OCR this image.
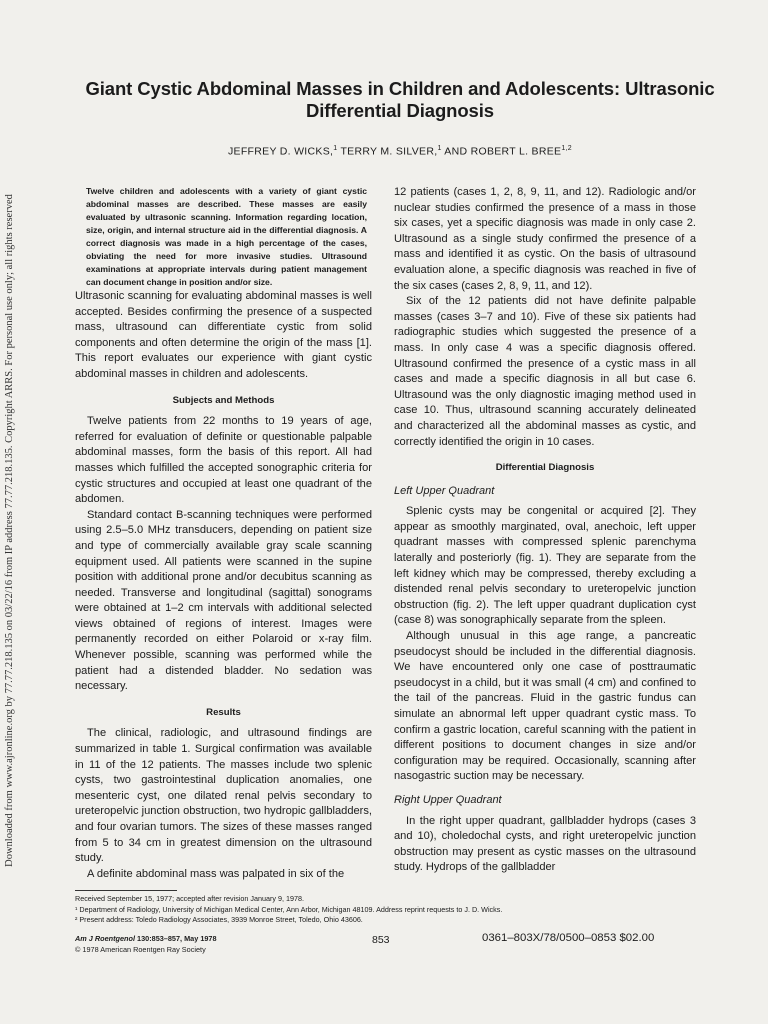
Downloaded from www.ajronline.org by 77.77.218.135 on 03/22/16 from IP address 77.77.218.135. Copyright ARRS. For personal use only; all rights reserved
Giant Cystic Abdominal Masses in Children and Adolescents: Ultrasonic
Differential Diagnosis
JEFFREY D. WICKS,$^1$ TERRY M. SILVER,$^1$ AND ROBERT L. BREE$^{1,2}$

Twelve children and adolescents with a variety of giant cystic abdominal masses are described. These masses are easily evaluated by ultrasonic scanning. Information regarding location, size, origin, and internal structure aid in the differential diagnosis. A correct diagnosis was made in a high percentage of the cases, obviating the need for more invasive studies. Ultrasound examinations at appropriate intervals during patient management can document change in position and/or size.

Ultrasonic scanning for evaluating abdominal masses is well accepted. Besides confirming the presence of a suspected mass, ultrasound can differentiate cystic from solid components and often determine the origin of the mass [1]. This report evaluates our experience with giant cystic abdominal masses in children and adolescents.

Subjects and Methods

Twelve patients from 22 months to 19 years of age, referred for evaluation of definite or questionable palpable abdominal masses, form the basis of this report. All had masses which fulfilled the accepted sonographic criteria for cystic structures and occupied at least one quadrant of the abdomen.

Standard contact B-scanning techniques were performed using 2.5–5.0 MHz transducers, depending on patient size and type of commercially available gray scale scanning equipment used. All patients were scanned in the supine position with additional prone and/or decubitus scanning as needed. Transverse and longitudinal (sagittal) sonograms were obtained at 1–2 cm intervals with additional selected views obtained of regions of interest. Images were permanently recorded on either Polaroid or x-ray film. Whenever possible, scanning was performed while the patient had a distended bladder. No sedation was necessary.

Results

The clinical, radiologic, and ultrasound findings are summarized in table 1. Surgical confirmation was available in 11 of the 12 patients. The masses include two splenic cysts, two gastrointestinal duplication anomalies, one mesenteric cyst, one dilated renal pelvis secondary to ureteropelvic junction obstruction, two hydropic gallbladders, and four ovarian tumors. The sizes of these masses ranged from 5 to 34 cm in greatest dimension on the ultrasound study.

A definite abdominal mass was palpated in six of the

12 patients (cases 1, 2, 8, 9, 11, and 12). Radiologic and/or nuclear studies confirmed the presence of a mass in those six cases, yet a specific diagnosis was made in only case 2. Ultrasound as a single study confirmed the presence of a mass and identified it as cystic. On the basis of ultrasound evaluation alone, a specific diagnosis was reached in five of the six cases (cases 2, 8, 9, 11, and 12).

Six of the 12 patients did not have definite palpable masses (cases 3–7 and 10). Five of these six patients had radiographic studies which suggested the presence of a mass. In only case 4 was a specific diagnosis offered. Ultrasound confirmed the presence of a cystic mass in all cases and made a specific diagnosis in all but case 6. Ultrasound was the only diagnostic imaging method used in case 10. Thus, ultrasound scanning accurately delineated and characterized all the abdominal masses as cystic, and correctly identified the origin in 10 cases.

Differential Diagnosis
Left Upper Quadrant

Splenic cysts may be congenital or acquired [2]. They appear as smoothly marginated, oval, anechoic, left upper quadrant masses with compressed splenic parenchyma laterally and posteriorly (fig. 1). They are separate from the left kidney which may be compressed, thereby excluding a distended renal pelvis secondary to ureteropelvic junction obstruction (fig. 2). The left upper quadrant duplication cyst (case 8) was sonographically separate from the spleen.

Although unusual in this age range, a pancreatic pseudocyst should be included in the differential diagnosis. We have encountered only one case of posttraumatic pseudocyst in a child, but it was small (4 cm) and confined to the tail of the pancreas. Fluid in the gastric fundus can simulate an abnormal left upper quadrant cystic mass. To confirm a gastric location, careful scanning with the patient in different positions to document changes in size and/or configuration may be required. Occasionally, scanning after nasogastric suction may be necessary.

Right Upper Quadrant

In the right upper quadrant, gallbladder hydrops (cases 3 and 10), choledochal cysts, and right ureteropelvic junction obstruction may present as cystic masses on the ultrasound study. Hydrops of the gallbladder

Received September 15, 1977; accepted after revision January 9, 1978.
¹ Department of Radiology, University of Michigan Medical Center, Ann Arbor, Michigan 48109. Address reprint requests to J. D. Wicks.
² Present address: Toledo Radiology Associates, 3939 Monroe Street, Toledo, Ohio 43606.
Am J Roentgenol 130:853–857, May 1978
© 1978 American Roentgen Ray Society
853	0361–803X/78/0500–0853 $02.00
